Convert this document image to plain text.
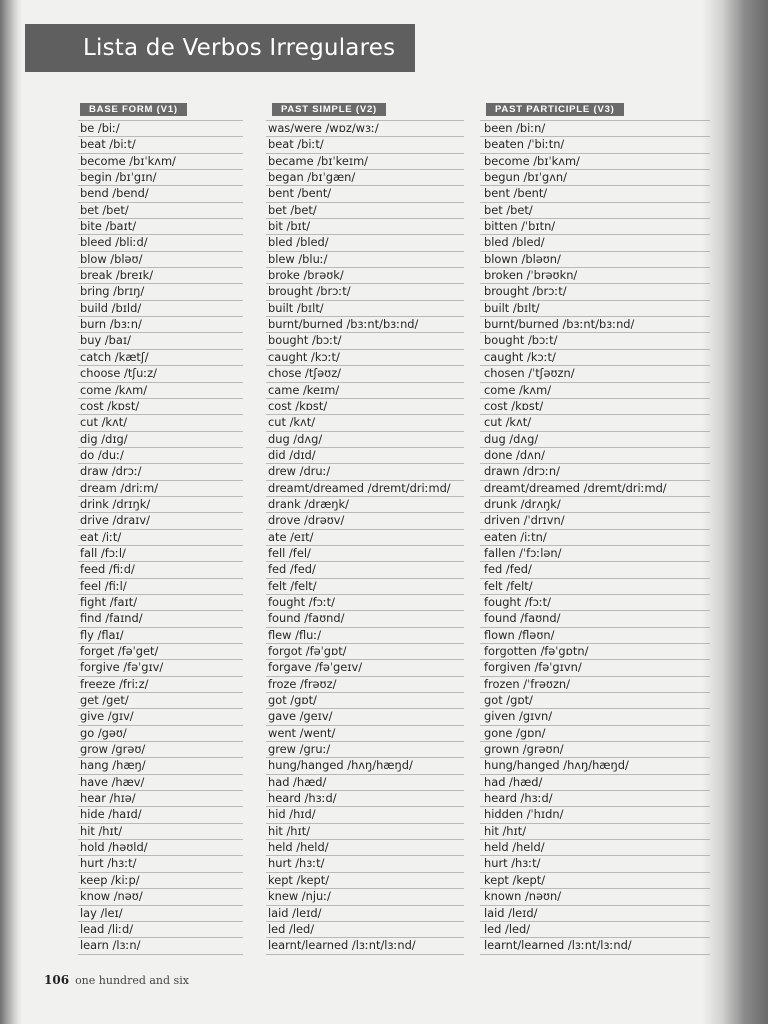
Lista de Verbos Irregulares
BASE FORM (V1)
be /biː/
beat /biːt/
become /bɪˈkʌm/
begin /bɪˈgɪn/
bend /bend/
bet /bet/
bite /baɪt/
bleed /bliːd/
blow /bləʊ/
break /breɪk/
bring /brɪŋ/
build /bɪld/
burn /bɜːn/
buy /baɪ/
catch /kætʃ/
choose /tʃuːz/
come /kʌm/
cost /kɒst/
cut /kʌt/
dig /dɪg/
do /duː/
draw /drɔː/
dream /driːm/
drink /drɪŋk/
drive /draɪv/
eat /iːt/
fall /fɔːl/
feed /fiːd/
feel /fiːl/
fight /faɪt/
find /faɪnd/
fly /flaɪ/
forget /fəˈget/
forgive /fəˈgɪv/
freeze /friːz/
get /get/
give /gɪv/
go /gəʊ/
grow /grəʊ/
hang /hæŋ/
have /hæv/
hear /hɪə/
hide /haɪd/
hit /hɪt/
hold /həʊld/
hurt /hɜːt/
keep /kiːp/
know /nəʊ/
lay /leɪ/
lead /liːd/
learn /lɜːn/
PAST SIMPLE (V2)
was/were /wɒz/wɜː/
beat /biːt/
became /bɪˈkeɪm/
began /bɪˈgæn/
bent /bent/
bet /bet/
bit /bɪt/
bled /bled/
blew /bluː/
broke /brəʊk/
brought /brɔːt/
built /bɪlt/
burnt/burned /bɜːnt/bɜːnd/
bought /bɔːt/
caught /kɔːt/
chose /tʃəʊz/
came /keɪm/
cost /kɒst/
cut /kʌt/
dug /dʌg/
did /dɪd/
drew /druː/
dreamt/dreamed /dremt/driːmd/
drank /dræŋk/
drove /drəʊv/
ate /eɪt/
fell /fel/
fed /fed/
felt /felt/
fought /fɔːt/
found /faʊnd/
flew /fluː/
forgot /fəˈgɒt/
forgave /fəˈgeɪv/
froze /frəʊz/
got /gɒt/
gave /geɪv/
went /went/
grew /gruː/
hung/hanged /hʌŋ/hæŋd/
had /hæd/
heard /hɜːd/
hid /hɪd/
hit /hɪt/
held /held/
hurt /hɜːt/
kept /kept/
knew /njuː/
laid /leɪd/
led /led/
learnt/learned /lɜːnt/lɜːnd/
PAST PARTICIPLE (V3)
been /biːn/
beaten /ˈbiːtn/
become /bɪˈkʌm/
begun /bɪˈgʌn/
bent /bent/
bet /bet/
bitten /ˈbɪtn/
bled /bled/
blown /bləʊn/
broken /ˈbrəʊkn/
brought /brɔːt/
built /bɪlt/
burnt/burned /bɜːnt/bɜːnd/
bought /bɔːt/
caught /kɔːt/
chosen /ˈtʃəʊzn/
come /kʌm/
cost /kɒst/
cut /kʌt/
dug /dʌg/
done /dʌn/
drawn /drɔːn/
dreamt/dreamed /dremt/driːmd/
drunk /drʌŋk/
driven /ˈdrɪvn/
eaten /iːtn/
fallen /ˈfɔːlən/
fed /fed/
felt /felt/
fought /fɔːt/
found /faʊnd/
flown /fləʊn/
forgotten /fəˈgɒtn/
forgiven /fəˈgɪvn/
frozen /ˈfrəʊzn/
got /gɒt/
given /gɪvn/
gone /gɒn/
grown /grəʊn/
hung/hanged /hʌŋ/hæŋd/
had /hæd/
heard /hɜːd/
hidden /ˈhɪdn/
hit /hɪt/
held /held/
hurt /hɜːt/
kept /kept/
known /nəʊn/
laid /leɪd/
led /led/
learnt/learned /lɜːnt/lɜːnd/
106 one hundred and six
